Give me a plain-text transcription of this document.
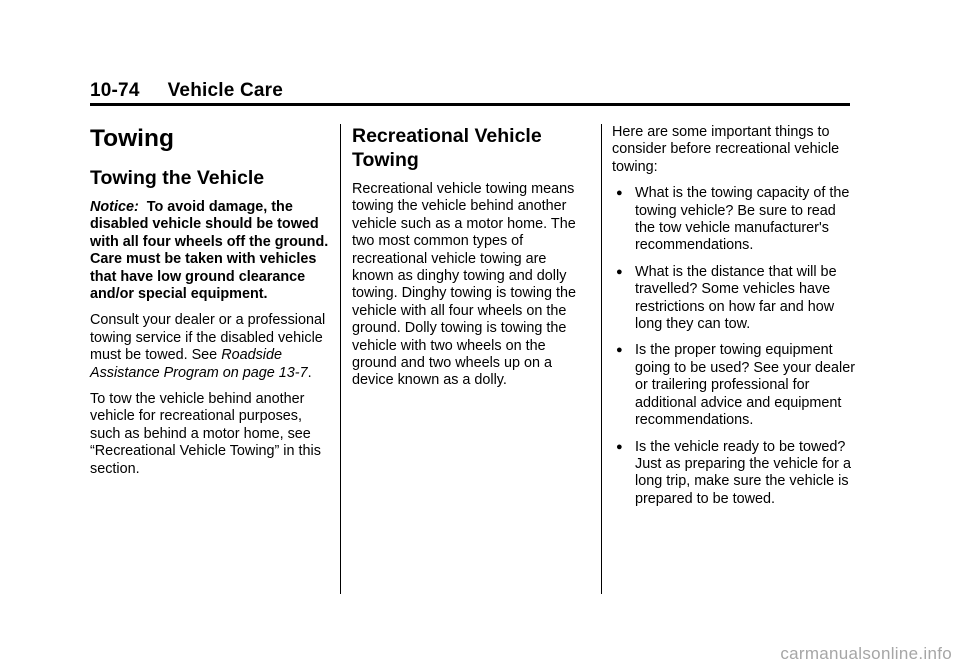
10-74 Vehicle Care
Towing
Towing the Vehicle

Notice: To avoid damage, the disabled vehicle should be towed with all four wheels off the ground. Care must be taken with vehicles that have low ground clearance and/or special equipment.

Consult your dealer or a professional towing service if the disabled vehicle must be towed. See Roadside Assistance Program on page 13-7.

To tow the vehicle behind another vehicle for recreational purposes, such as behind a motor home, see “Recreational Vehicle Towing” in this section.

Recreational Vehicle Towing

Recreational vehicle towing means towing the vehicle behind another vehicle such as a motor home. The two most common types of recreational vehicle towing are known as dinghy towing and dolly towing. Dinghy towing is towing the vehicle with all four wheels on the ground. Dolly towing is towing the vehicle with two wheels on the ground and two wheels up on a device known as a dolly.

Here are some important things to consider before recreational vehicle towing:

● What is the towing capacity of the towing vehicle? Be sure to read the tow vehicle manufacturer's recommendations.
● What is the distance that will be travelled? Some vehicles have restrictions on how far and how long they can tow.
● Is the proper towing equipment going to be used? See your dealer or trailering professional for additional advice and equipment recommendations.
● Is the vehicle ready to be towed? Just as preparing the vehicle for a long trip, make sure the vehicle is prepared to be towed.
carmanualsonline.info
